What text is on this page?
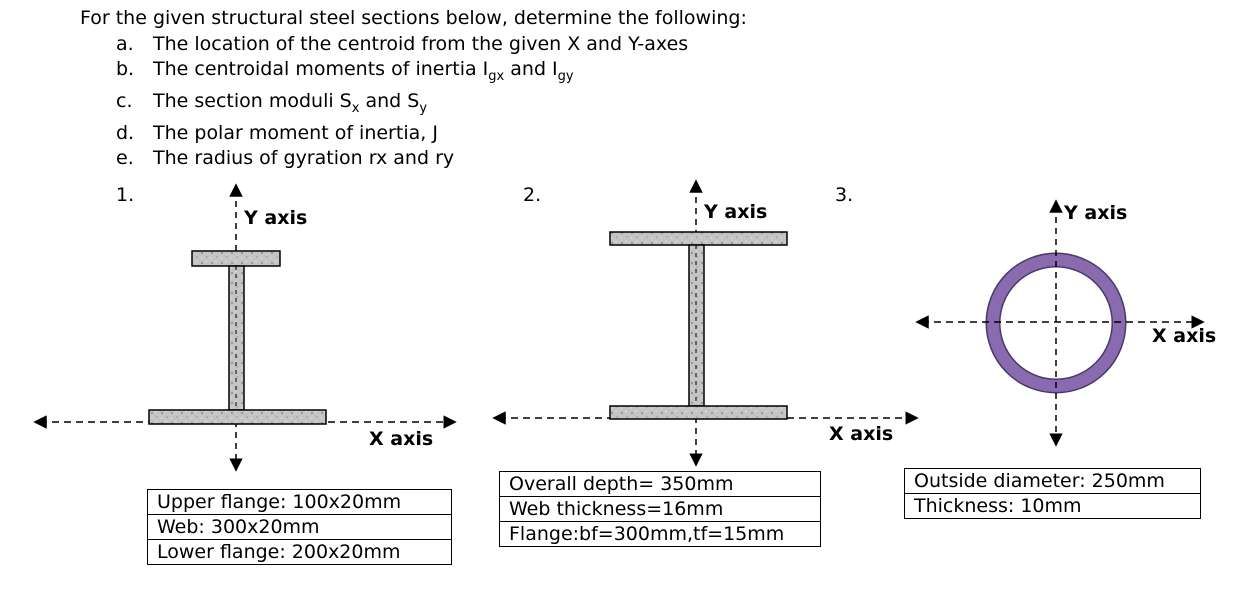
For the given structural steel sections below, determine the following:
a. The location of the centroid from the given X and Y-axes
b. The centroidal moments of inertia $I_{gx}$ and $I_{gy}$
c. The section moduli $S_x$ and $S_y$
d. The polar moment of inertia, J
e. The radius of gyration rx and ry
1.
Y axis
X axis
2.
Y axis
X axis
3.
Y axis
X axis
Upper flange: 100x20mm
Web: 300x20mm
Lower flange: 200x20mm
Overall depth= 350mm
Web thickness=16mm
Flange:bf=300mm,tf=15mm
Outside diameter: 250mm
Thickness: 10mm
